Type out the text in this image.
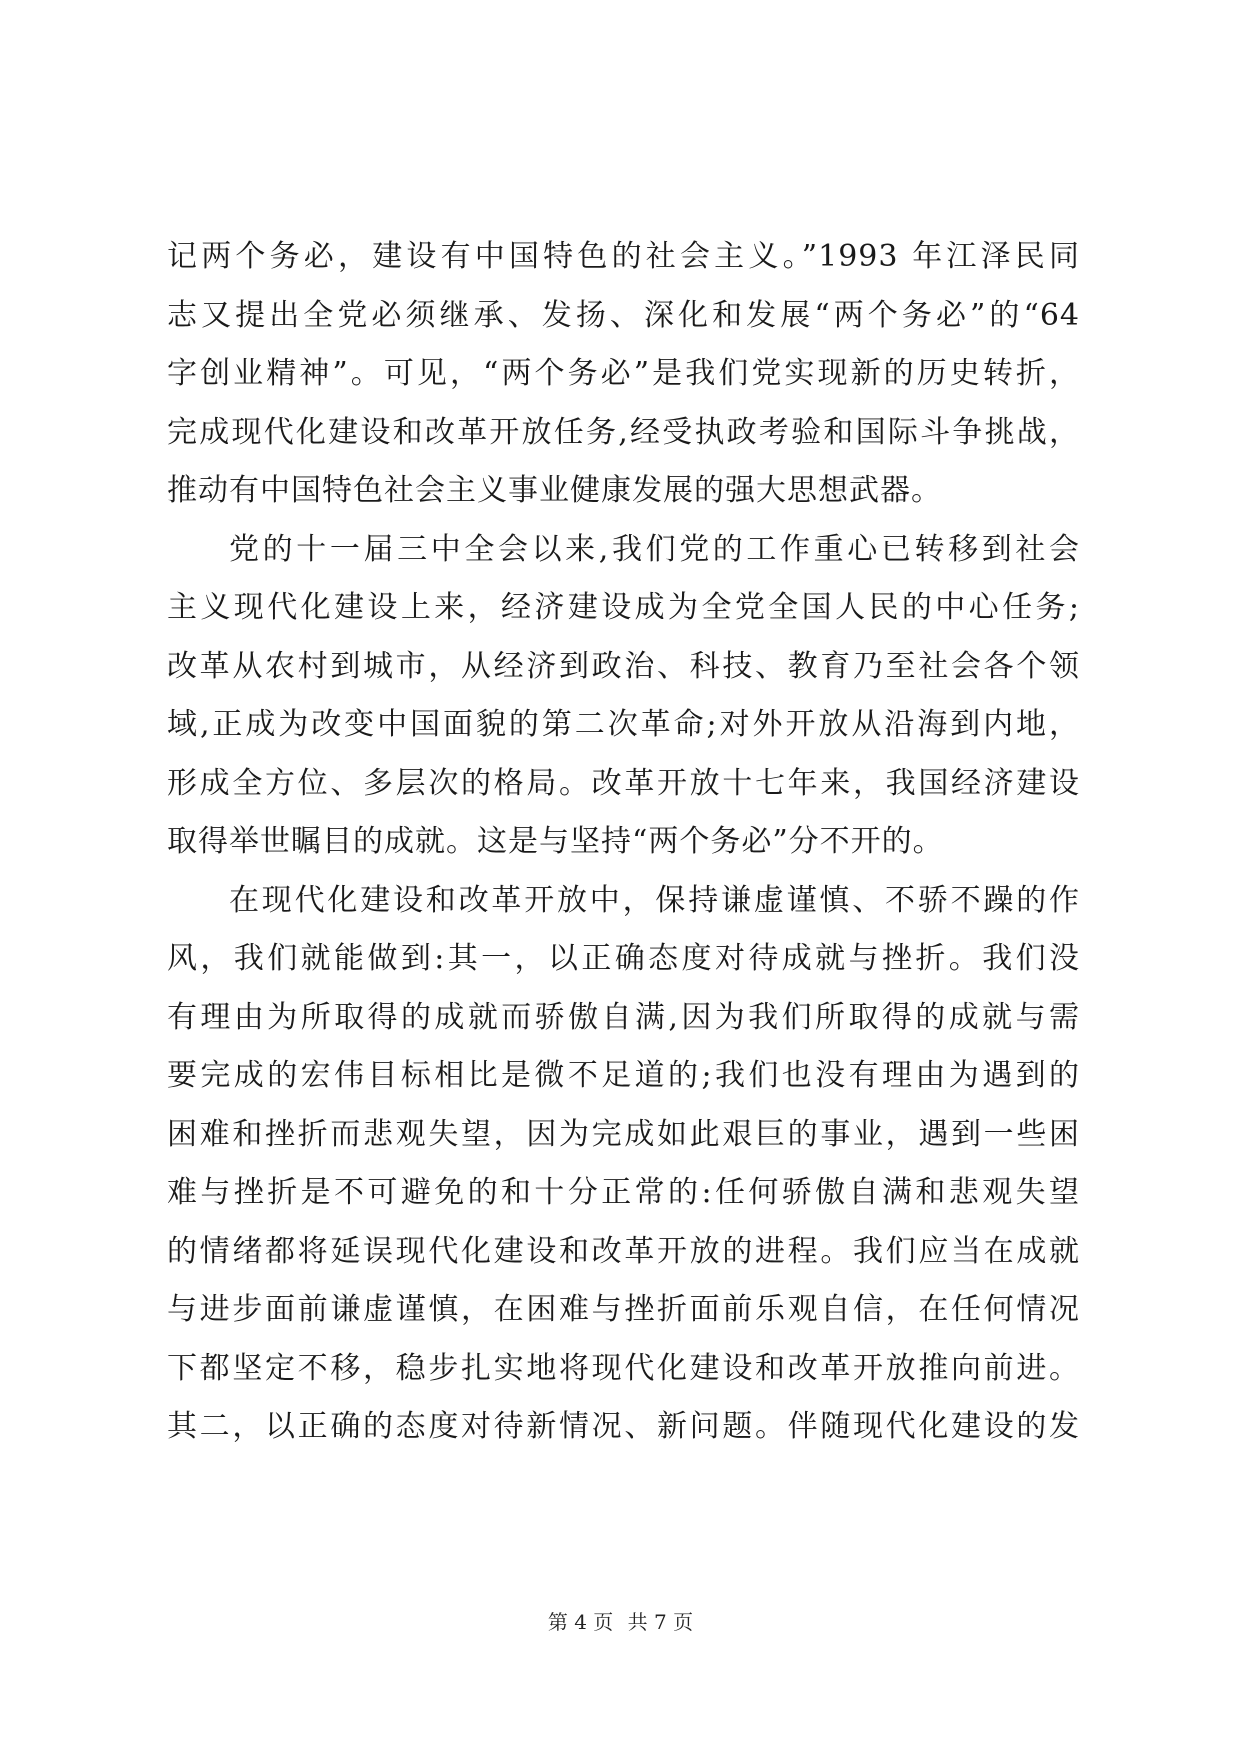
记两个务必，建设有中国特色的社会主义。”1993 年江泽民同
志又提出全党必须继承、发扬、深化和发展“两个务必”的“64
字创业精神”。可见，“两个务必”是我们党实现新的历史转折，
完成现代化建设和改革开放任务,经受执政考验和国际斗争挑战，
推动有中国特色社会主义事业健康发展的强大思想武器。
党的十一届三中全会以来,我们党的工作重心已转移到社会
主义现代化建设上来，经济建设成为全党全国人民的中心任务;
改革从农村到城市，从经济到政治、科技、教育乃至社会各个领
域,正成为改变中国面貌的第二次革命;对外开放从沿海到内地，
形成全方位、多层次的格局。改革开放十七年来，我国经济建设
取得举世瞩目的成就。这是与坚持“两个务必”分不开的。
在现代化建设和改革开放中，保持谦虚谨慎、不骄不躁的作
风，我们就能做到:其一，以正确态度对待成就与挫折。我们没
有理由为所取得的成就而骄傲自满,因为我们所取得的成就与需
要完成的宏伟目标相比是微不足道的;我们也没有理由为遇到的
困难和挫折而悲观失望，因为完成如此艰巨的事业，遇到一些困
难与挫折是不可避免的和十分正常的:任何骄傲自满和悲观失望
的情绪都将延误现代化建设和改革开放的进程。我们应当在成就
与进步面前谦虚谨慎，在困难与挫折面前乐观自信，在任何情况
下都坚定不移，稳步扎实地将现代化建设和改革开放推向前进。
其二，以正确的态度对待新情况、新问题。伴随现代化建设的发
第 4 页 共 7 页
